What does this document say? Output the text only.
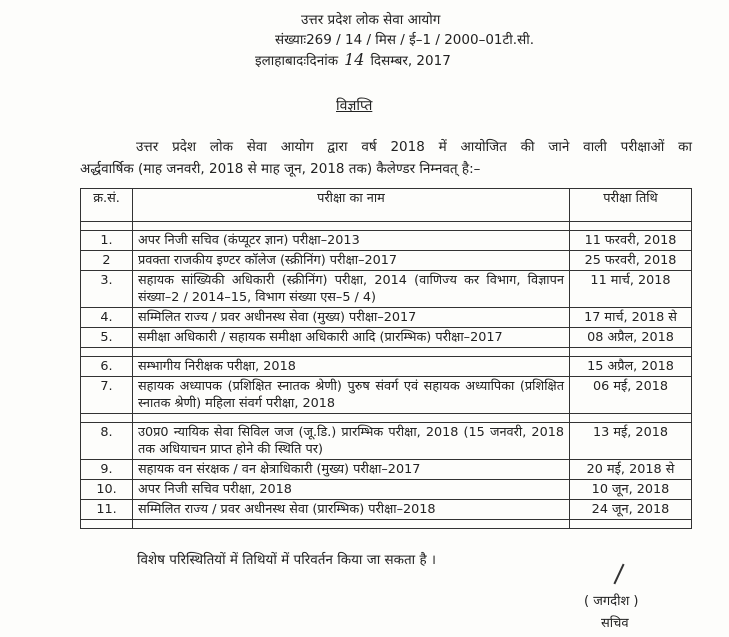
उत्तर प्रदेश लोक सेवा आयोग
संख्याः269 / 14 / मिस / ई–1 / 2000–01टी.सी.
इलाहाबादःदिनांक 14 दिसम्बर, 2017
विज्ञप्ति
उत्तर प्रदेश लोक सेवा आयोग द्वारा वर्ष 2018 में आयोजित की जाने वाली परीक्षाओं का
अर्द्धवार्षिक (माह जनवरी, 2018 से माह जून, 2018 तक) कैलेण्डर निम्नवत् है:–
क्र.सं.	परीक्षा का नाम	परीक्षा तिथि

1.	अपर निजी सचिव (कंप्यूटर ज्ञान) परीक्षा–2013	11 फरवरी, 2018
2	प्रवक्ता राजकीय इण्टर कॉलेज (स्क्रीनिंग) परीक्षा–2017	25 फरवरी, 2018
3.	सहायक सांख्यिकी अधिकारी (स्क्रीनिंग) परीक्षा, 2014 (वाणिज्य कर विभाग, विज्ञापन संख्या–2 / 2014–15, विभाग संख्या एस–5 / 4)	11 मार्च, 2018
4.	सम्मिलित राज्य / प्रवर अधीनस्थ सेवा (मुख्य) परीक्षा–2017	17 मार्च, 2018 से
5.	समीक्षा अधिकारी / सहायक समीक्षा अधिकारी आदि (प्रारम्भिक) परीक्षा–2017	08 अप्रैल, 2018

6.	सम्भागीय निरीक्षक परीक्षा, 2018	15 अप्रैल, 2018
7.	सहायक अध्यापक (प्रशिक्षित स्नातक श्रेणी) पुरुष संवर्ग एवं सहायक अध्यापिका (प्रशिक्षित स्नातक श्रेणी) महिला संवर्ग परीक्षा, 2018	06 मई, 2018

8.	उ0प्र0 न्यायिक सेवा सिविल जज (जू.डि.) प्रारम्भिक परीक्षा, 2018 (15 जनवरी, 2018 तक अधियाचन प्राप्त होने की स्थिति पर)	13 मई, 2018
9.	सहायक वन संरक्षक / वन क्षेत्राधिकारी (मुख्य) परीक्षा–2017	20 मई, 2018 से
10.	अपर निजी सचिव परीक्षा, 2018	10 जून, 2018
11.	सम्मिलित राज्य / प्रवर अधीनस्थ सेवा (प्रारम्भिक) परीक्षा–2018	24 जून, 2018

विशेष परिस्थितियों में तिथियों में परिवर्तन किया जा सकता है ।
( जगदीश )
सचिव
